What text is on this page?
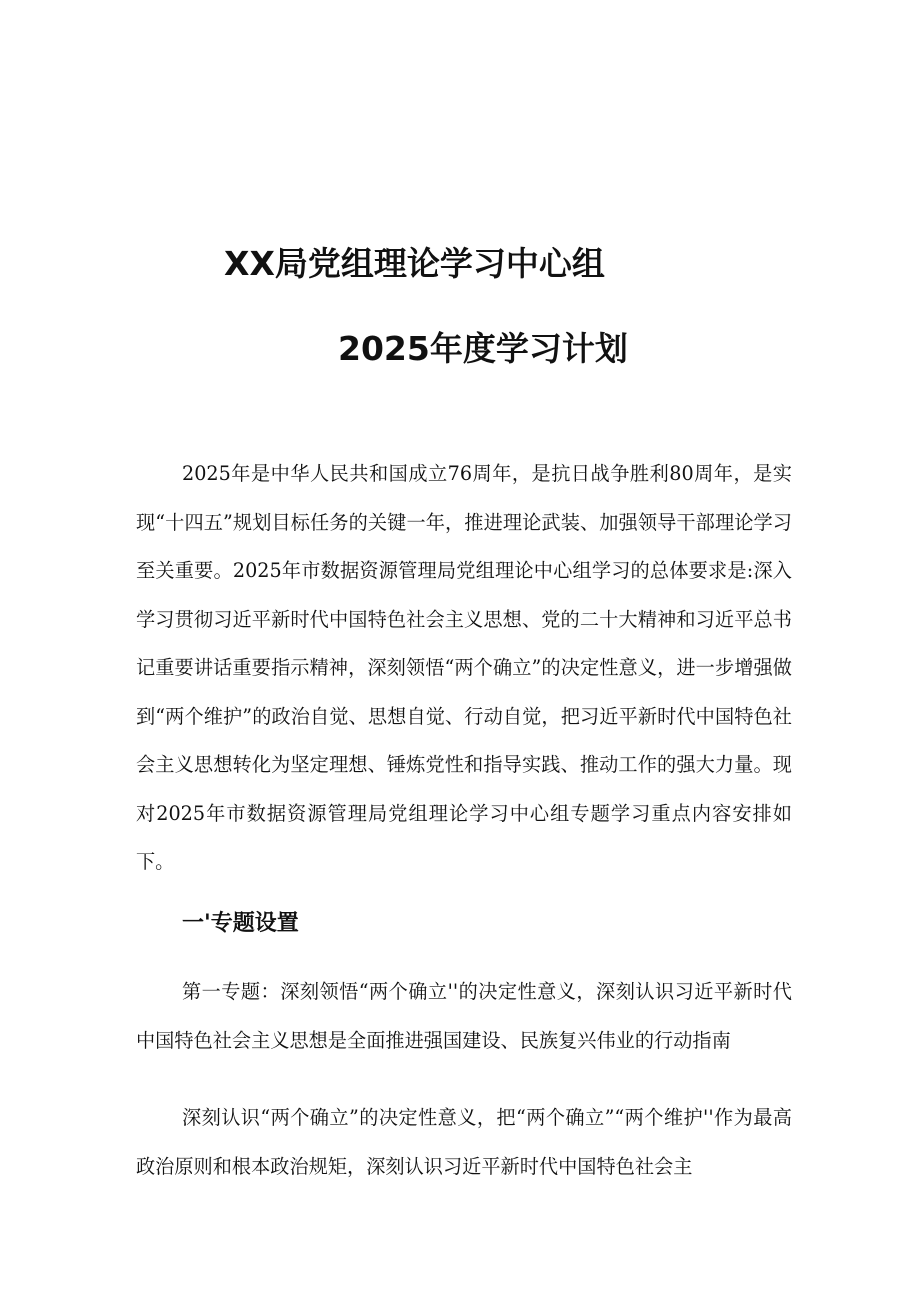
XX局党组理论学习中心组
2025年度学习计划

2025年是中华人民共和国成立76周年，是抗日战争胜利80周年，是实现“十四五”规划目标任务的关键一年，推进理论武装、加强领导干部理论学习至关重要。2025年市数据资源管理局党组理论中心组学习的总体要求是:深入学习贯彻习近平新时代中国特色社会主义思想、党的二十大精神和习近平总书记重要讲话重要指示精神，深刻领悟“两个确立”的决定性意义，进一步增强做到“两个维护”的政治自觉、思想自觉、行动自觉，把习近平新时代中国特色社会主义思想转化为坚定理想、锤炼党性和指导实践、推动工作的强大力量。现对2025年市数据资源管理局党组理论学习中心组专题学习重点内容安排如下。

一'专题设置

第一专题：深刻领悟“两个确立''的决定性意义，深刻认识习近平新时代中国特色社会主义思想是全面推进强国建设、民族复兴伟业的行动指南

深刻认识“两个确立”的决定性意义，把“两个确立”“两个维护''作为最高政治原则和根本政治规矩，深刻认识习近平新时代中国特色社会主
